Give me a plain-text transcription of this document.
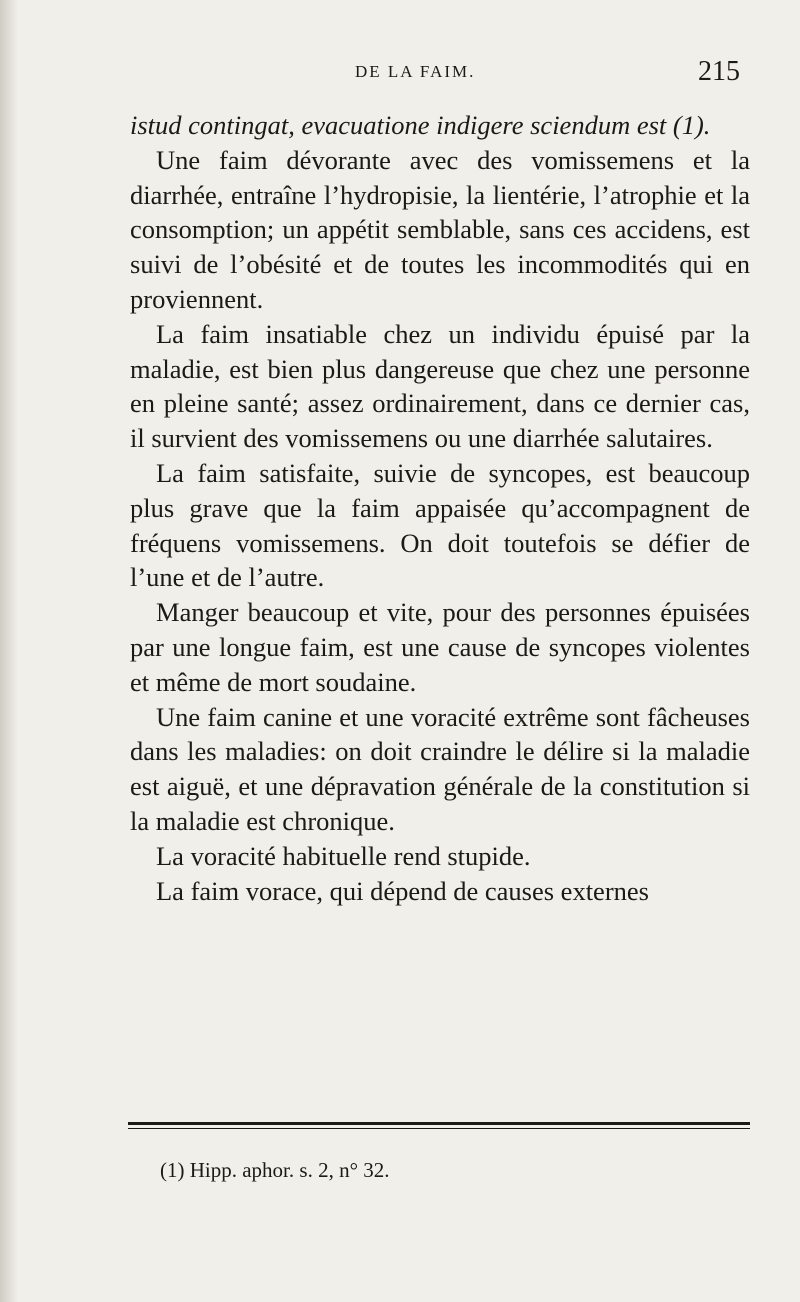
DE LA FAIM.	215

istud contingat, evacuatione indigere sciendum est (1).

Une faim dévorante avec des vomissemens et la diarrhée, entraîne l’hydropisie, la lientérie, l’atrophie et la consomption; un appétit semblable, sans ces accidens, est suivi de l’obésité et de toutes les incommodités qui en proviennent.

La faim insatiable chez un individu épuisé par la maladie, est bien plus dangereuse que chez une personne en pleine santé; assez ordinairement, dans ce dernier cas, il survient des vomissemens ou une diarrhée salutaires.

La faim satisfaite, suivie de syncopes, est beaucoup plus grave que la faim appaisée qu’accompagnent de fréquens vomissemens. On doit toutefois se défier de l’une et de l’autre.

Manger beaucoup et vite, pour des personnes épuisées par une longue faim, est une cause de syncopes violentes et même de mort soudaine.

Une faim canine et une voracité extrême sont fâcheuses dans les maladies: on doit craindre le délire si la maladie est aiguë, et une dépravation générale de la constitution si la maladie est chronique.

La voracité habituelle rend stupide.

La faim vorace, qui dépend de causes externes

(1) Hipp. aphor. s. 2, n° 32.
